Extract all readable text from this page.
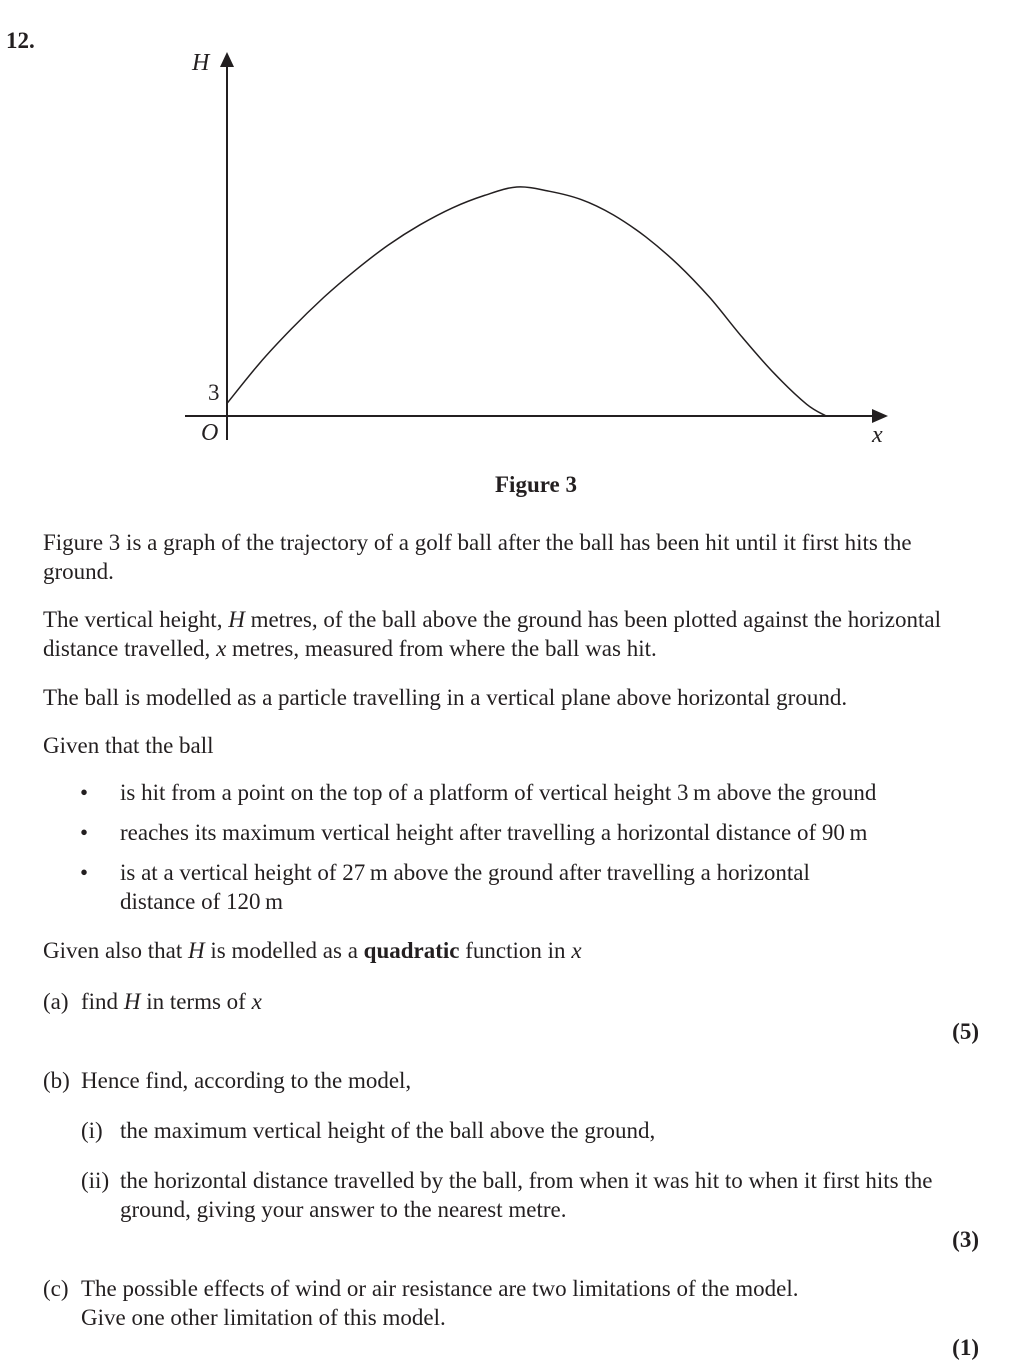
12.
H
x
O
3
Figure 3
Figure 3 is a graph of the trajectory of a golf ball after the ball has been hit until it first hits the ground.
The vertical height, H metres, of the ball above the ground has been plotted against the horizontal distance travelled, x metres, measured from where the ball was hit.
The ball is modelled as a particle travelling in a vertical plane above horizontal ground.
Given that the ball
• is hit from a point on the top of a platform of vertical height 3 m above the ground
• reaches its maximum vertical height after travelling a horizontal distance of 90 m
• is at a vertical height of 27 m above the ground after travelling a horizontal distance of 120 m
Given also that H is modelled as a quadratic function in x
(a) find H in terms of x
(5)
(b) Hence find, according to the model,
(i) the maximum vertical height of the ball above the ground,
(ii) the horizontal distance travelled by the ball, from when it was hit to when it first hits the ground, giving your answer to the nearest metre.
(3)
(c) The possible effects of wind or air resistance are two limitations of the model.
Give one other limitation of this model.
(1)
